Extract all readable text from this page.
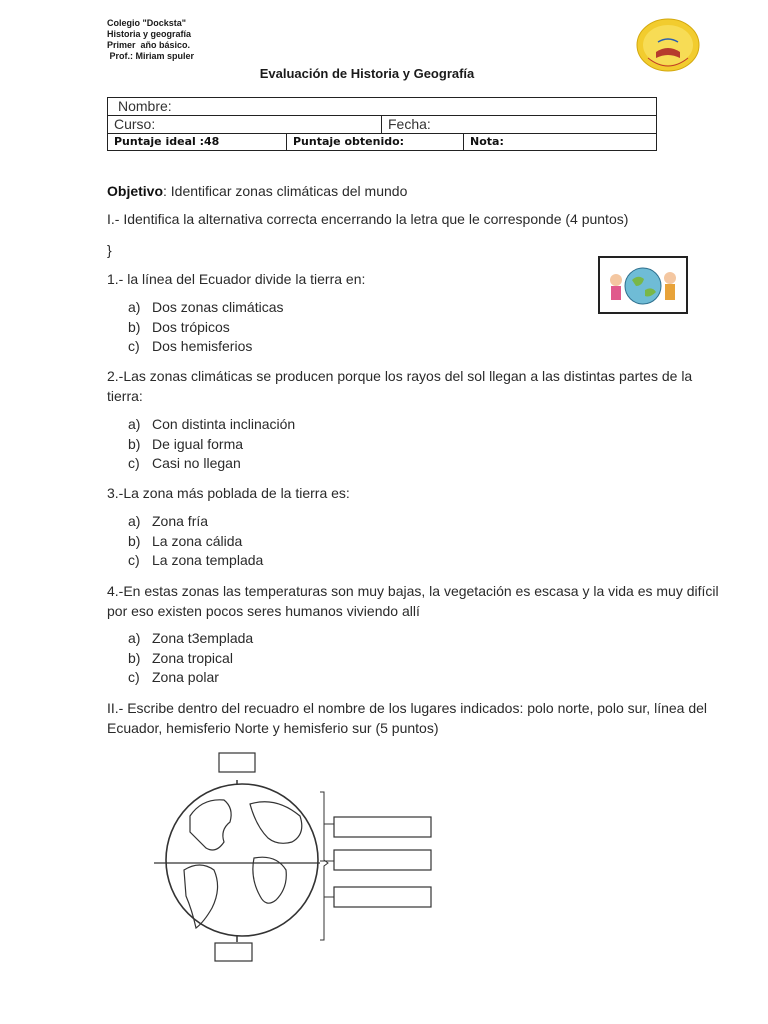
Colegio "Docksta"
Historia y geografía
Primer  año básico.
Prof.: Miriam spuler
Evaluación de Historia y Geografía
Nombre:
Curso:	Fecha:
Puntaje ideal :48	Puntaje obtenido:	Nota:
Objetivo: Identificar zonas climáticas del mundo
I.- Identifica la alternativa correcta encerrando la letra que le corresponde (4 puntos)
}
1.- la línea del Ecuador divide la tierra en:
a) Dos zonas climáticas
b) Dos trópicos
c) Dos hemisferios
2.-Las zonas climáticas se producen porque los rayos del sol llegan a las distintas partes de la tierra:
a) Con distinta inclinación
b) De igual forma
c) Casi no llegan
3.-La zona más poblada de la tierra es:
a) Zona fría
b) La zona cálida
c) La zona templada
4.-En estas zonas las temperaturas son muy bajas, la vegetación es escasa y la vida es muy difícil por eso existen pocos seres humanos viviendo allí
a) Zona t3emplada
b) Zona tropical
c) Zona polar
II.- Escribe dentro del recuadro el nombre de los lugares indicados: polo norte, polo sur, línea del Ecuador, hemisferio Norte y hemisferio sur (5 puntos)
